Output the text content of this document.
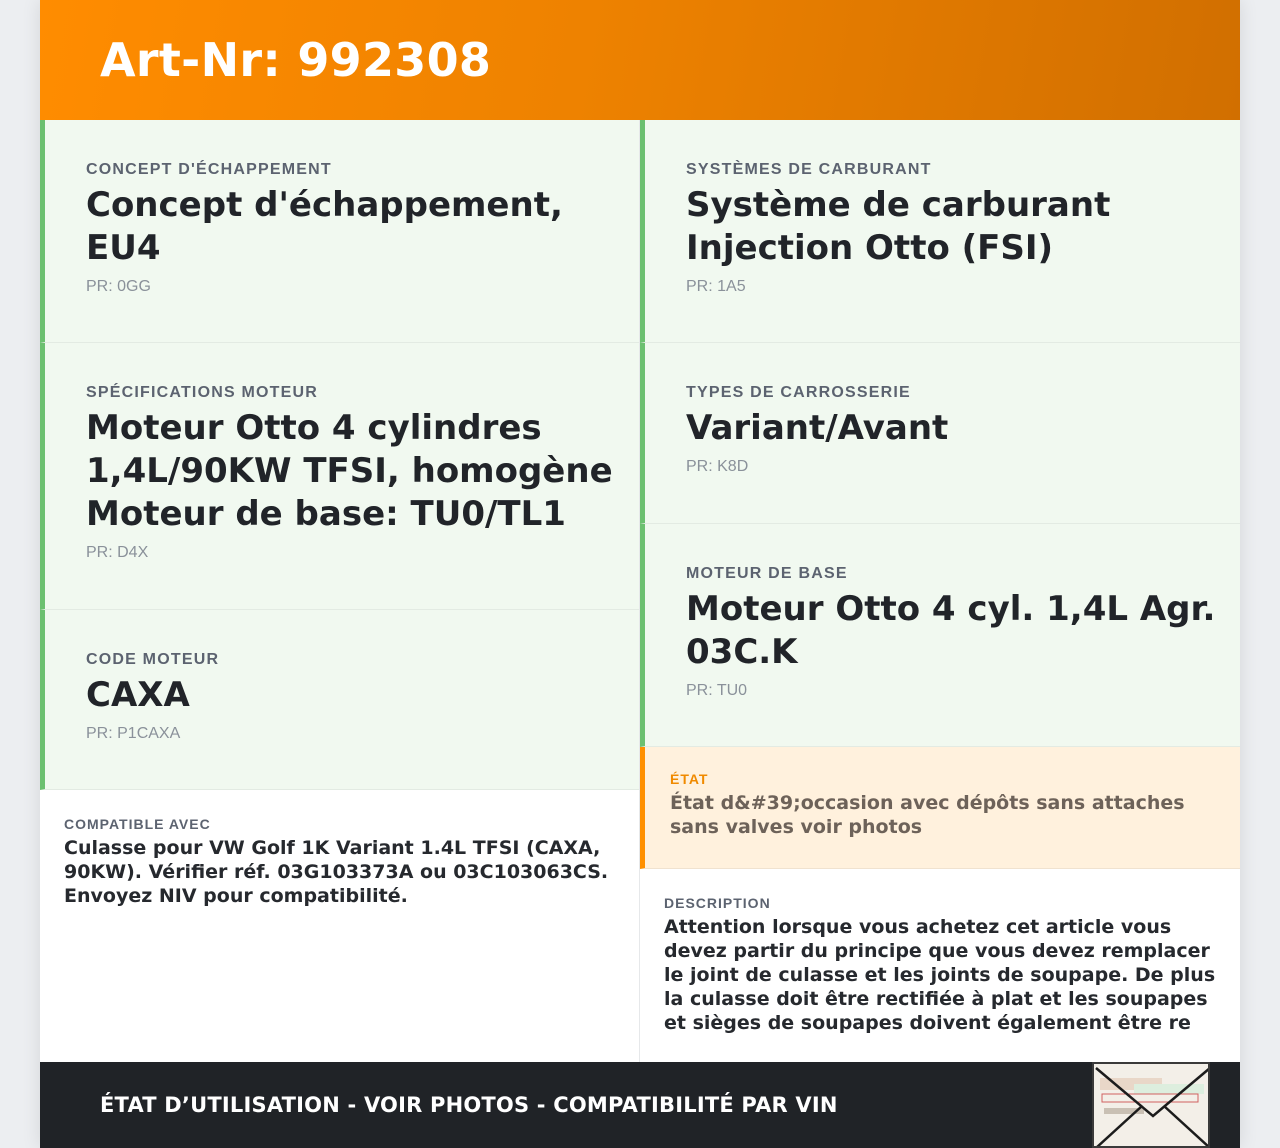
Art-Nr: 992308
CONCEPT D'ÉCHAPPEMENT
Concept d'échappement, EU4
PR: 0GG
SPÉCIFICATIONS MOTEUR
Moteur Otto 4 cylindres 1,4L/90KW TFSI, homogène Moteur de base: TU0/TL1
PR: D4X
CODE MOTEUR
CAXA
PR: P1CAXA
COMPATIBLE AVEC
Culasse pour VW Golf 1K Variant 1.4L TFSI (CAXA, 90KW). Vérifier réf. 03G103373A ou 03C103063CS. Envoyez NIV pour compatibilité.
SYSTÈMES DE CARBURANT
Système de carburant Injection Otto (FSI)
PR: 1A5
TYPES DE CARROSSERIE
Variant/Avant
PR: K8D
MOTEUR DE BASE
Moteur Otto 4 cyl. 1,4L Agr. 03C.K
PR: TU0
ÉTAT
État d&#39;occasion avec dépôts sans attaches sans valves voir photos
DESCRIPTION
Attention lorsque vous achetez cet article vous devez partir du principe que vous devez remplacer le joint de culasse et les joints de soupape. De plus la culasse doit être rectifiée à plat et les soupapes et sièges de soupapes doivent également être re
ÉTAT D’UTILISATION - VOIR PHOTOS - COMPATIBILITÉ PAR VIN
